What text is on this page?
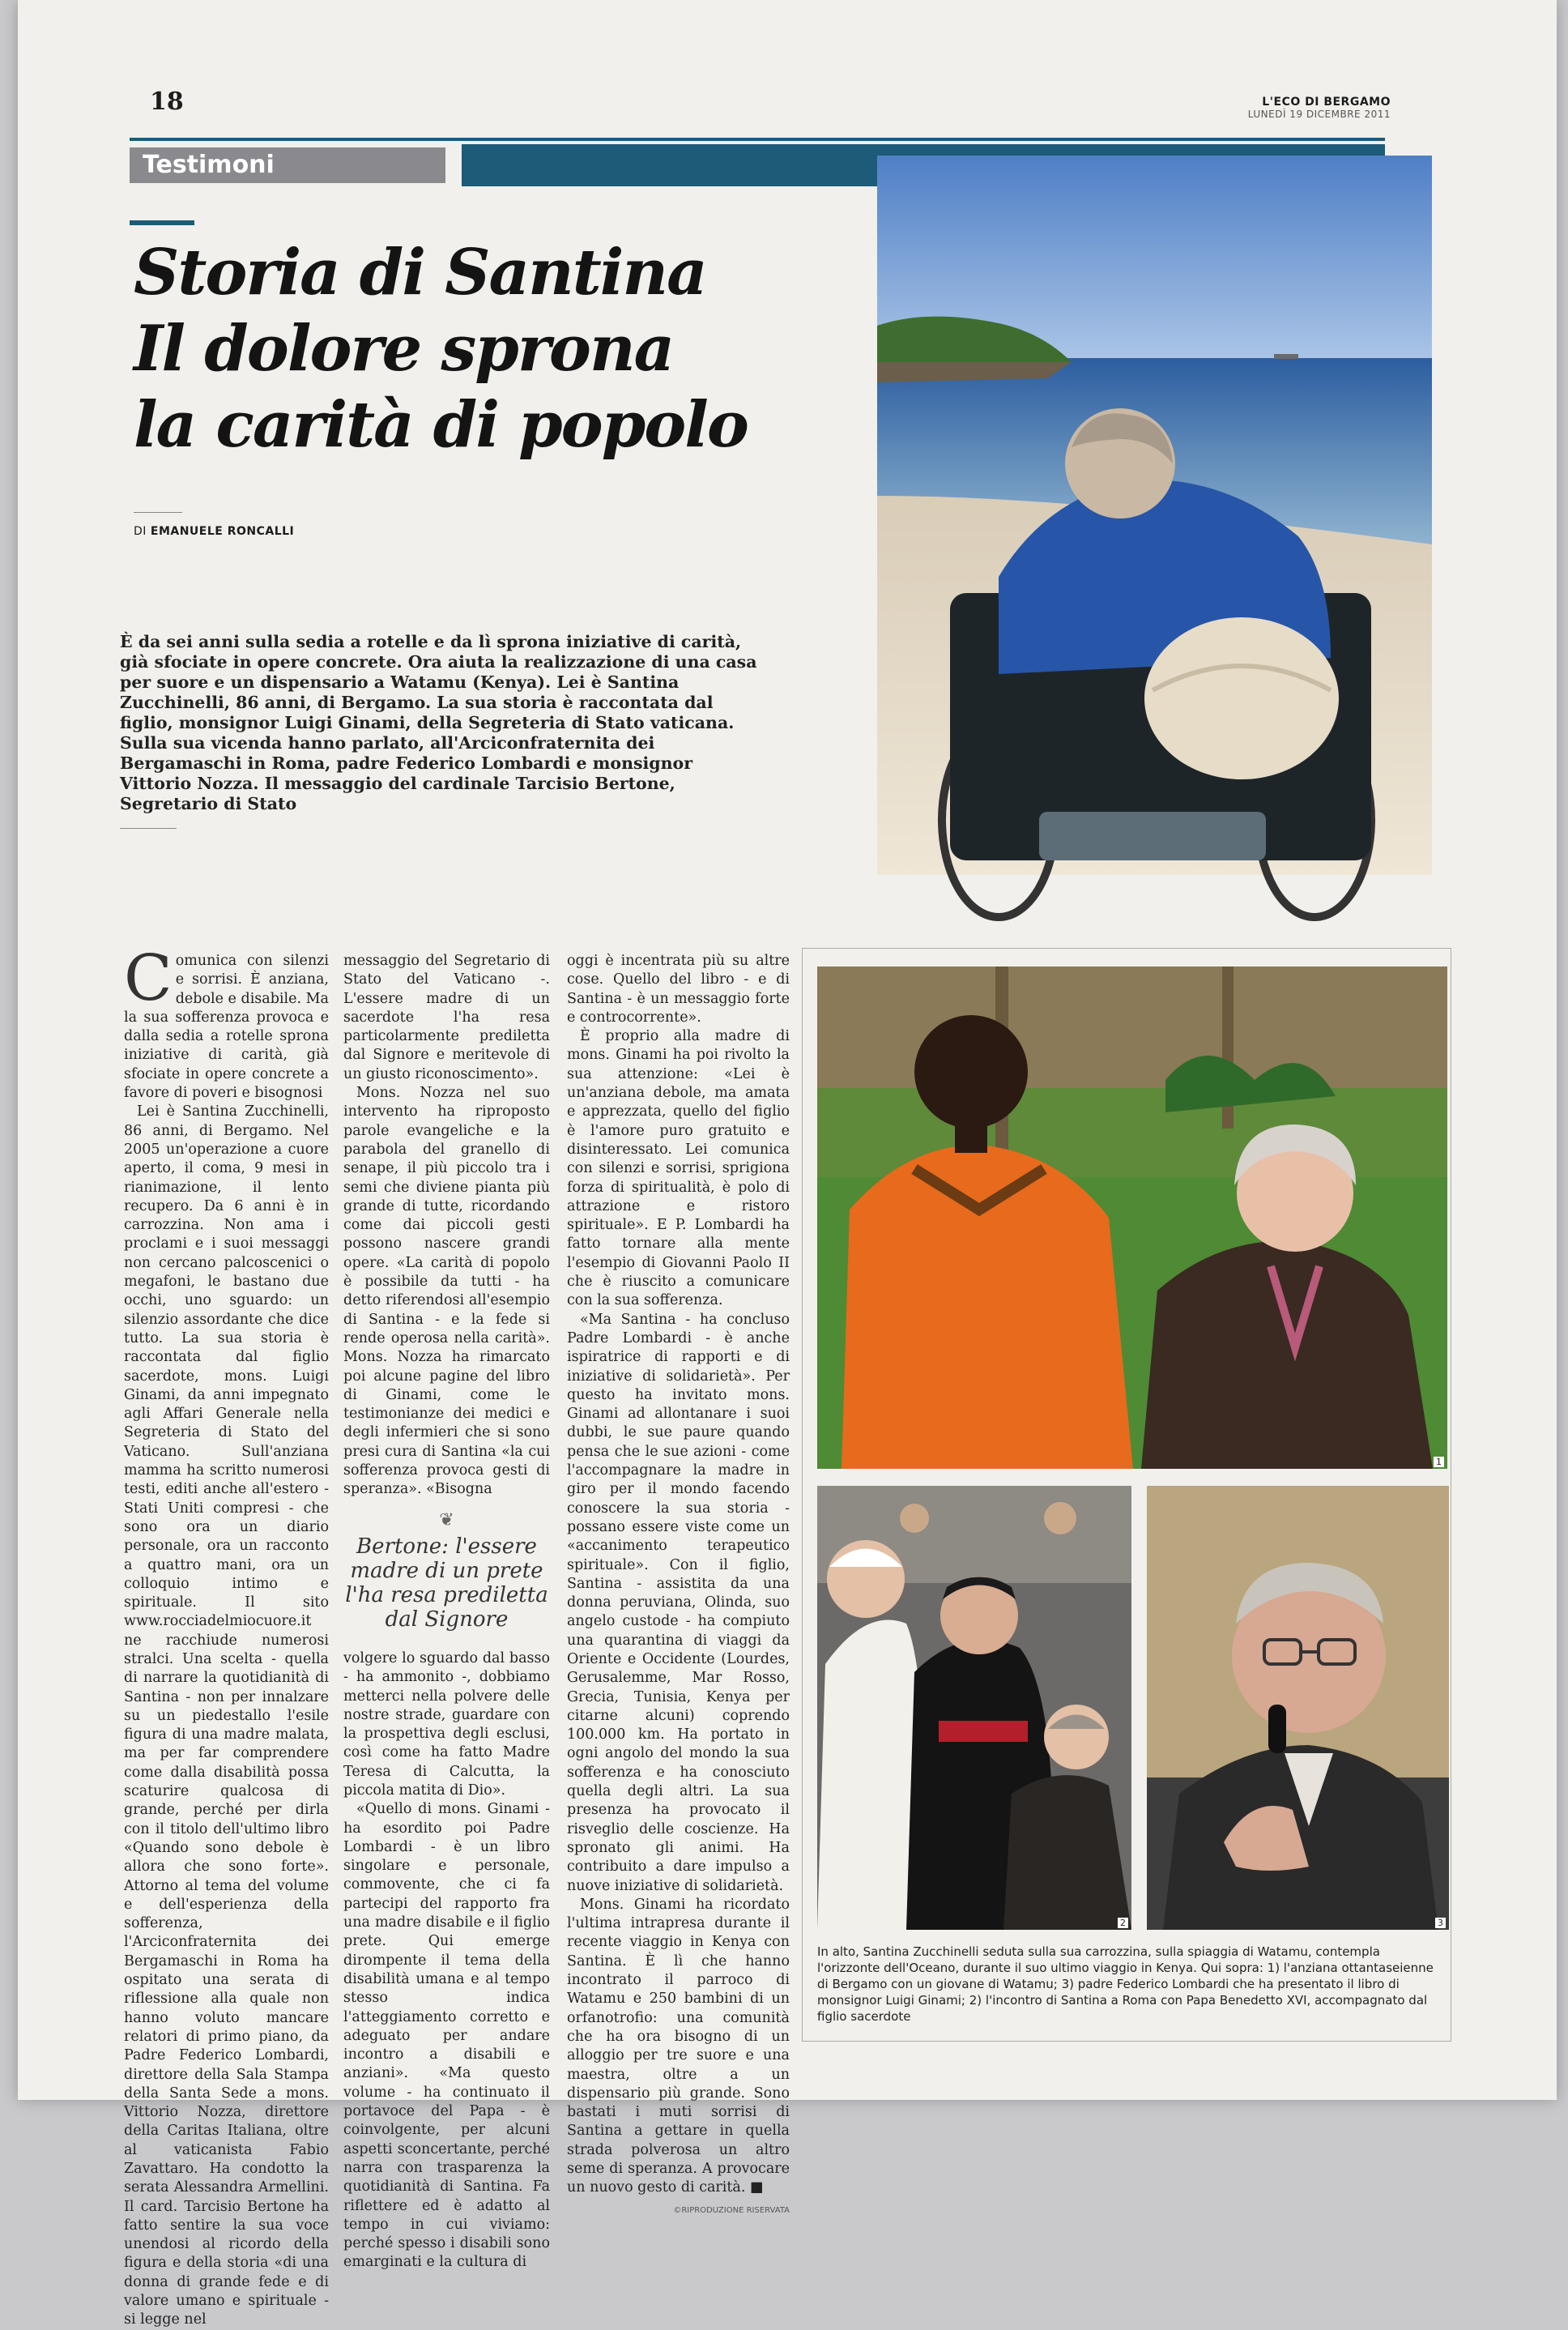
18	L'ECO DI BERGAMO
LUNEDÌ 19 DICEMBRE 2011
Testimoni
Storia di Santina
Il dolore sprona
la carità di popolo
DI EMANUELE RONCALLI
È da sei anni sulla sedia a rotelle e da lì sprona iniziative di carità, già sfociate in opere concrete. Ora aiuta la realizzazione di una casa per suore e un dispensario a Watamu (Kenya). Lei è Santina Zucchinelli, 86 anni, di Bergamo. La sua storia è raccontata dal figlio, monsignor Luigi Ginami, della Segreteria di Stato vaticana. Sulla sua vicenda hanno parlato, all'Arciconfraternita dei Bergamaschi in Roma, padre Federico Lombardi e monsignor Vittorio Nozza. Il messaggio del cardinale Tarcisio Bertone, Segretario di Stato

Comunica con silenzi e sorrisi. È anziana, debole e disabile. Ma la sua sofferenza provoca e dalla sedia a rotelle sprona iniziative di carità, già sfociate in opere concrete a favore di poveri e bisognosi

Lei è Santina Zucchinelli, 86 anni, di Bergamo. Nel 2005 un'operazione a cuore aperto, il coma, 9 mesi in rianimazione, il lento recupero. Da 6 anni è in carrozzina. Non ama i proclami e i suoi messaggi non cercano palcoscenici o megafoni, le bastano due occhi, uno sguardo: un silenzio assordante che dice tutto. La sua storia è raccontata dal figlio sacerdote, mons. Luigi Ginami, da anni impegnato agli Affari Generale nella Segreteria di Stato del Vaticano. Sull'anziana mamma ha scritto numerosi testi, editi anche all'estero - Stati Uniti compresi - che sono ora un diario personale, ora un racconto a quattro mani, ora un colloquio intimo e spirituale. Il sito www.rocciadelmiocuore.it ne racchiude numerosi stralci. Una scelta - quella di narrare la quotidianità di Santina - non per innalzare su un piedestallo l'esile figura di una madre malata, ma per far comprendere come dalla disabilità possa scaturire qualcosa di grande, perché per dirla con il titolo dell'ultimo libro «Quando sono debole è allora che sono forte». Attorno al tema del volume e dell'esperienza della sofferenza, l'Arciconfraternita dei Bergamaschi in Roma ha ospitato una serata di riflessione alla quale non hanno voluto mancare relatori di primo piano, da Padre Federico Lombardi, direttore della Sala Stampa della Santa Sede a mons. Vittorio Nozza, direttore della Caritas Italiana, oltre al vaticanista Fabio Zavattaro. Ha condotto la serata Alessandra Armellini. Il card. Tarcisio Bertone ha fatto sentire la sua voce unendosi al ricordo della figura e della storia «di una donna di grande fede e di valore umano e spirituale - si legge nel

messaggio del Segretario di Stato del Vaticano -. L'essere madre di un sacerdote l'ha resa particolarmente prediletta dal Signore e meritevole di un giusto riconoscimento».

Mons. Nozza nel suo intervento ha riproposto parole evangeliche e la parabola del granello di senape, il più piccolo tra i semi che diviene pianta più grande di tutte, ricordando come dai piccoli gesti possono nascere grandi opere. «La carità di popolo è possibile da tutti - ha detto riferendosi all'esempio di Santina - e la fede si rende operosa nella carità». Mons. Nozza ha rimarcato poi alcune pagine del libro di Ginami, come le testimonianze dei medici e degli infermieri che si sono presi cura di Santina «la cui sofferenza provoca gesti di speranza». «Bisogna

❦
Bertone: l'essere madre di un prete l'ha resa prediletta dal Signore

volgere lo sguardo dal basso - ha ammonito -, dobbiamo metterci nella polvere delle nostre strade, guardare con la prospettiva degli esclusi, così come ha fatto Madre Teresa di Calcutta, la piccola matita di Dio».

«Quello di mons. Ginami - ha esordito poi Padre Lombardi - è un libro singolare e personale, commovente, che ci fa partecipi del rapporto fra una madre disabile e il figlio prete. Qui emerge dirompente il tema della disabilità umana e al tempo stesso indica l'atteggiamento corretto e adeguato per andare incontro a disabili e anziani». «Ma questo volume - ha continuato il portavoce del Papa - è coinvolgente, per alcuni aspetti sconcertante, perché narra con trasparenza la quotidianità di Santina. Fa riflettere ed è adatto al tempo in cui viviamo: perché spesso i disabili sono emarginati e la cultura di

oggi è incentrata più su altre cose. Quello del libro - e di Santina - è un messaggio forte e controcorrente».

È proprio alla madre di mons. Ginami ha poi rivolto la sua attenzione: «Lei è un'anziana debole, ma amata e apprezzata, quello del figlio è l'amore puro gratuito e disinteressato. Lei comunica con silenzi e sorrisi, sprigiona forza di spiritualità, è polo di attrazione e ristoro spirituale». E P. Lombardi ha fatto tornare alla mente l'esempio di Giovanni Paolo II che è riuscito a comunicare con la sua sofferenza.

«Ma Santina - ha concluso Padre Lombardi - è anche ispiratrice di rapporti e di iniziative di solidarietà». Per questo ha invitato mons. Ginami ad allontanare i suoi dubbi, le sue paure quando pensa che le sue azioni - come l'accompagnare la madre in giro per il mondo facendo conoscere la sua storia - possano essere viste come un «accanimento terapeutico spirituale». Con il figlio, Santina - assistita da una donna peruviana, Olinda, suo angelo custode - ha compiuto una quarantina di viaggi da Oriente e Occidente (Lourdes, Gerusalemme, Mar Rosso, Grecia, Tunisia, Kenya per citarne alcuni) coprendo 100.000 km. Ha portato in ogni angolo del mondo la sua sofferenza e ha conosciuto quella degli altri. La sua presenza ha provocato il risveglio delle coscienze. Ha spronato gli animi. Ha contribuito a dare impulso a nuove iniziative di solidarietà.

Mons. Ginami ha ricordato l'ultima intrapresa durante il recente viaggio in Kenya con Santina. È lì che hanno incontrato il parroco di Watamu e 250 bambini di un orfanotrofio: una comunità che ha ora bisogno di un alloggio per tre suore e una maestra, oltre a un dispensario più grande. Sono bastati i muti sorrisi di Santina a gettare in quella strada polverosa un altro seme di speranza. A provocare un nuovo gesto di carità. ■

©RIPRODUZIONE RISERVATA
1
2	3
In alto, Santina Zucchinelli seduta sulla sua carrozzina, sulla spiaggia di Watamu, contempla l'orizzonte dell'Oceano, durante il suo ultimo viaggio in Kenya. Qui sopra: 1) l'anziana ottantaseienne di Bergamo con un giovane di Watamu; 3) padre Federico Lombardi che ha presentato il libro di monsignor Luigi Ginami; 2) l'incontro di Santina a Roma con Papa Benedetto XVI, accompagnato dal figlio sacerdote
